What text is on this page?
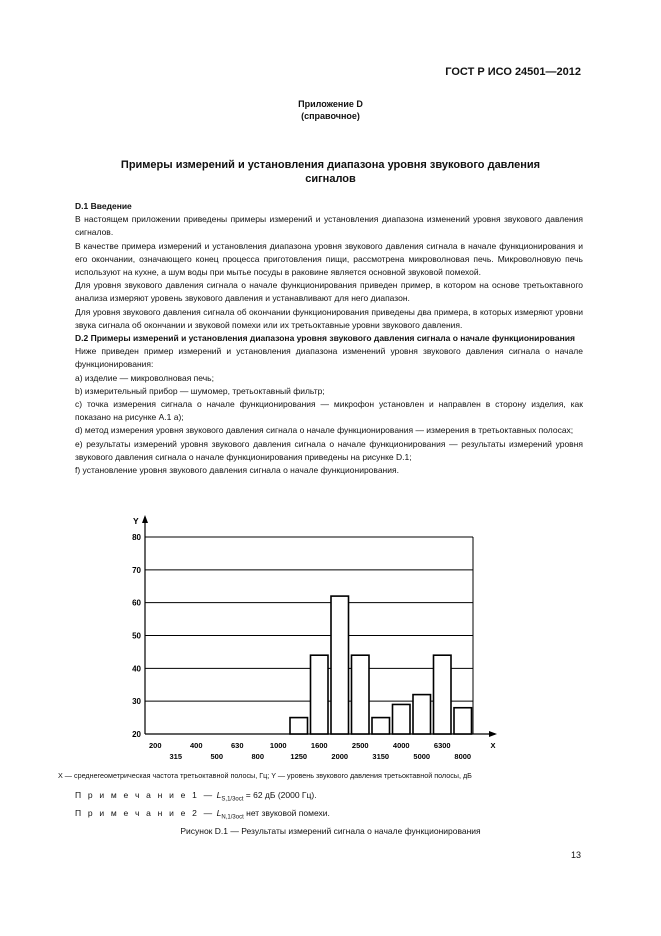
ГОСТ Р ИСО 24501—2012
Приложение D
(справочное)
Примеры измерений и установления диапазона уровня звукового давления
сигналов

D.1 Введение

В настоящем приложении приведены примеры измерений и установления диапазона изменений уровня звукового давления сигналов.

В качестве примера измерений и установления диапазона уровня звукового давления сигнала в начале функционирования и его окончании, означающего конец процесса приготовления пищи, рассмотрена микроволновая печь. Микроволновую печь используют на кухне, а шум воды при мытье посуды в раковине является основной звуковой помехой.

Для уровня звукового давления сигнала о начале функционирования приведен пример, в котором на основе третьоктавного анализа измеряют уровень звукового давления и устанавливают для него диапазон.

Для уровня звукового давления сигнала об окончании функционирования приведены два примера, в которых измеряют уровни звука сигнала об окончании и звуковой помехи или их третьоктавные уровни звукового давления.

D.2 Примеры измерений и установления диапазона уровня звукового давления сигнала о начале функционирования

Ниже приведен пример измерений и установления диапазона изменений уровня звукового давления сигнала о начале функционирования:

a) изделие — микроволновая печь;

b) измерительный прибор — шумомер, третьоктавный фильтр;

c) точка измерения сигнала о начале функционирования — микрофон установлен и направлен в сторону изделия, как показано на рисунке А.1 а);

d) метод измерения уровня звукового давления сигнала о начале функционирования — измерения в третьоктавных полосах;

e) результаты измерений уровня звукового давления сигнала о начале функционирования — результаты измерений уровня звукового давления сигнала о начале функционирования приведены на рисунке D.1;

f) установление уровня звукового давления сигнала о начале функционирования.

20
30
40
50
60
70
80
Y
200	400	630	1000	1600	2500	4000	6300	X
315	500	800	1250	2000	3150	5000	8000
X — среднегеометрическая частота третьоктавной полосы, Гц; Y — уровень звукового давления третьоктавной полосы, дБ
П р и м е ч а н и е 1 — $L_{S,1/3oct} = 62$ дБ (2000 Гц).
П р и м е ч а н и е 2 — $L_{N,1/3oct}$ нет звуковой помехи.
Рисунок D.1 — Результаты измерений сигнала о начале функционирования
13
